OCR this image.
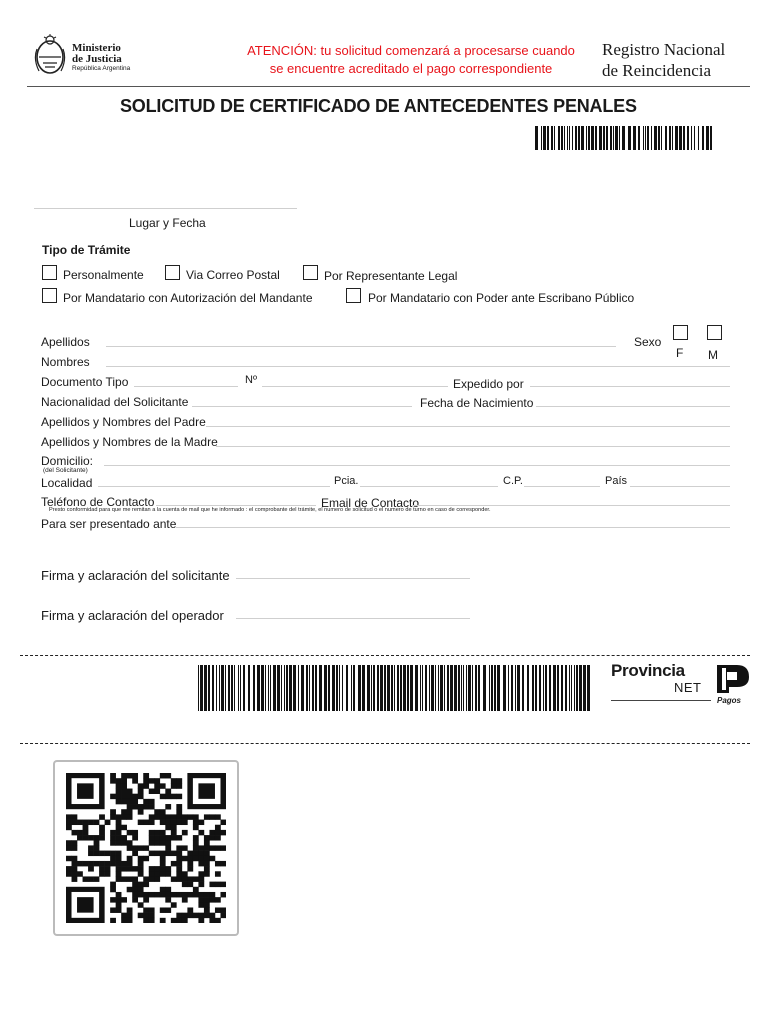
Ministerio
de Justicia
República Argentina
ATENCIÓN: tu solicitud comenzará a procesarse cuando
se encuentre acreditado el pago correspondiente
Registro Nacional
de Reincidencia
SOLICITUD DE CERTIFICADO DE ANTECEDENTES PENALES
Lugar y Fecha
Tipo de Trámite
Personalmente	Via Correo Postal	Por Representante Legal
Por Mandatario con Autorización del Mandante	Por Mandatario con Poder ante Escribano Público
Apellidos	Sexo
F M
Nombres
Documento Tipo	Nº	Expedido por
Nacionalidad del Solicitante	Fecha de Nacimiento
Apellidos y Nombres del Padre
Apellidos y Nombres de la Madre
Domicilio:
(del Solicitante)
Localidad	Pcia.	C.P.	País
Teléfono de Contacto	Email de Contacto
Presto conformidad para que me remitan a la cuenta de mail que he informado : el comprobante del trámite, el numero de solicitud o el numero de turno en caso de corresponder.
Para ser presentado ante
Firma y aclaración del solicitante
Firma y aclaración del operador
Provincia
NET
Pagos
